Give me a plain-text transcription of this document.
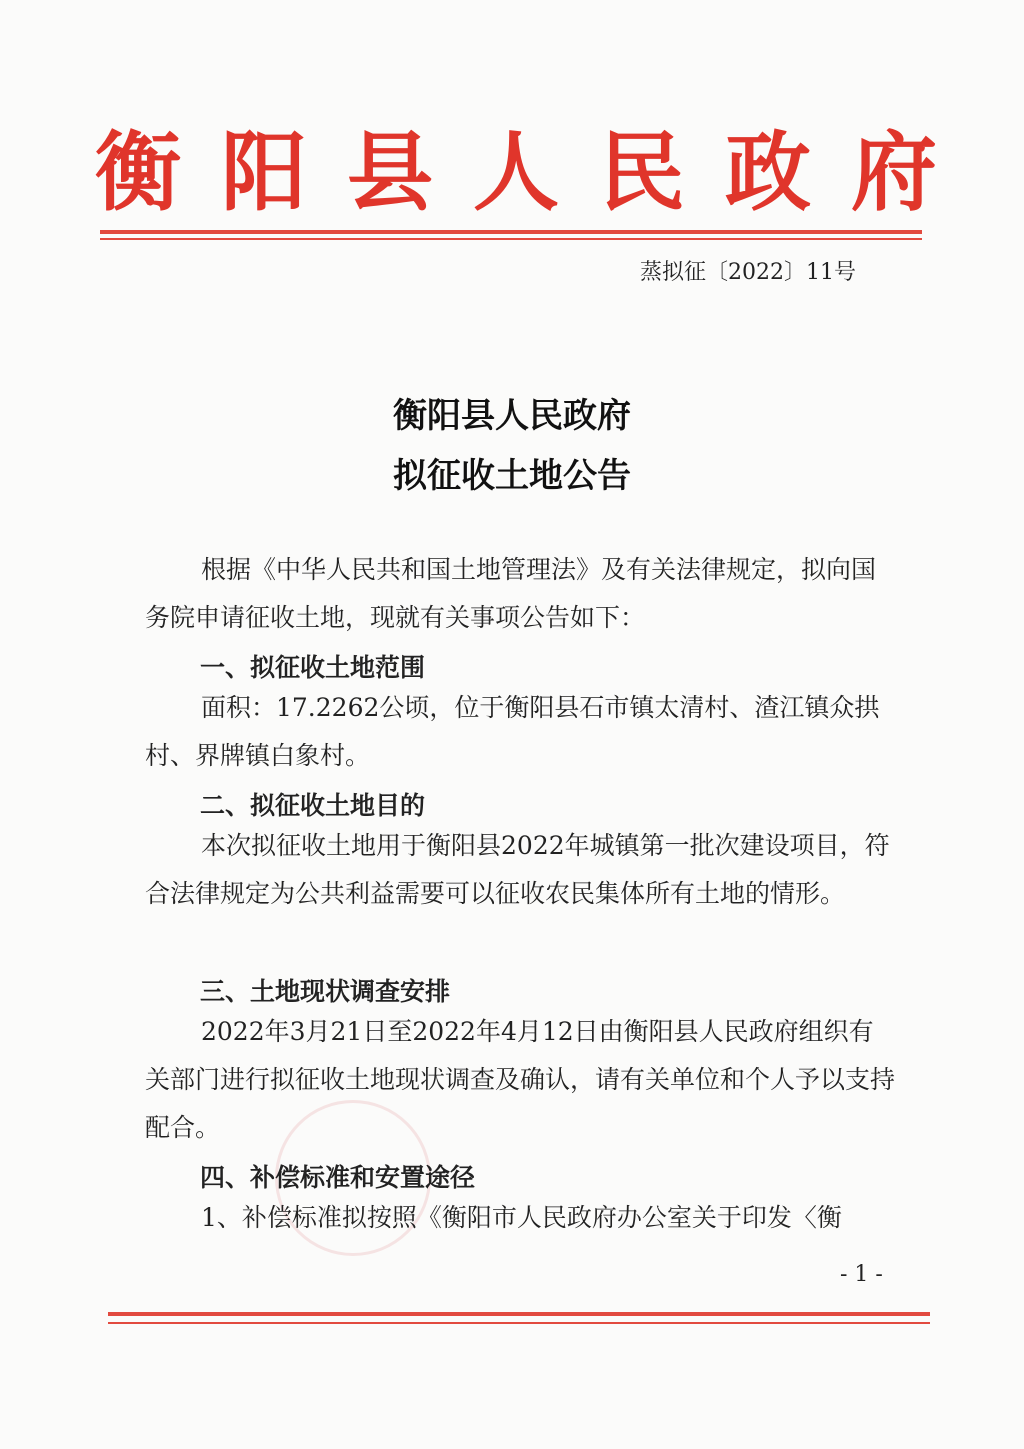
衡阳县人民政府
蒸拟征〔2022〕11号
衡阳县人民政府
拟征收土地公告
根据《中华人民共和国土地管理法》及有关法律规定，拟向国务院申请征收土地，现就有关事项公告如下：
一、拟征收土地范围
面积：17.2262公顷，位于衡阳县石市镇太清村、渣江镇众拱村、界牌镇白象村。
二、拟征收土地目的
本次拟征收土地用于衡阳县2022年城镇第一批次建设项目，符合法律规定为公共利益需要可以征收农民集体所有土地的情形。
三、土地现状调查安排
2022年3月21日至2022年4月12日由衡阳县人民政府组织有关部门进行拟征收土地现状调查及确认，请有关单位和个人予以支持配合。
四、补偿标准和安置途径
1、补偿标准拟按照《衡阳市人民政府办公室关于印发〈衡
- 1 -
